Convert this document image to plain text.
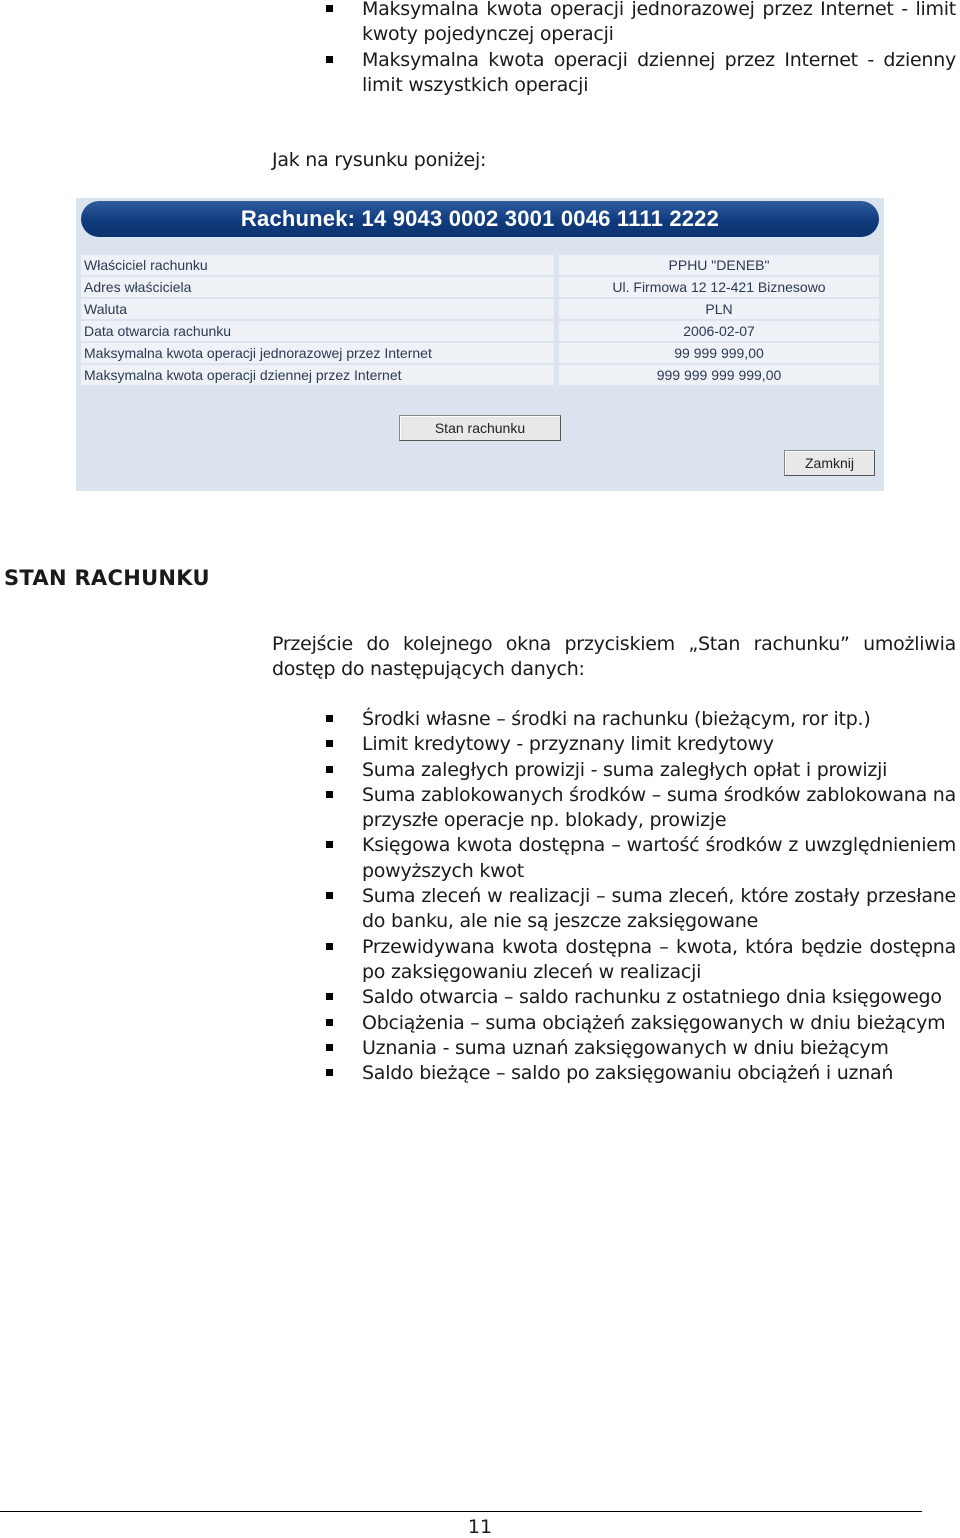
Maksymalna kwota operacji jednorazowej przez Internet - limit kwoty pojedynczej operacji
Maksymalna kwota operacji dziennej przez Internet - dzienny limit wszystkich operacji

Jak na rysunku poniżej:

Rachunek: 14 9043 0002 3001 0046 1111 2222
Właściciel rachunku	PPHU "DENEB"
Adres właściciela	Ul. Firmowa 12 12-421 Biznesowo
Waluta	PLN
Data otwarcia rachunku	2006-02-07
Maksymalna kwota operacji jednorazowej przez Internet	99 999 999,00
Maksymalna kwota operacji dziennej przez Internet	999 999 999 999,00
Stan rachunku
Zamknij
STAN RACHUNKU

Przejście do kolejnego okna przyciskiem „Stan rachunku” umożliwia dostęp do następujących danych:

Środki własne – środki na rachunku (bieżącym, ror itp.)
Limit kredytowy - przyznany limit kredytowy
Suma zaległych prowizji - suma zaległych opłat i prowizji
Suma zablokowanych środków – suma środków zablokowana na przyszłe operacje np. blokady, prowizje
Księgowa kwota dostępna – wartość środków z uwzględnieniem powyższych kwot
Suma zleceń w realizacji – suma zleceń, które zostały przesłane do banku, ale nie są jeszcze zaksięgowane
Przewidywana kwota dostępna – kwota, która będzie dostępna po zaksięgowaniu zleceń w realizacji
Saldo otwarcia – saldo rachunku z ostatniego dnia księgowego
Obciążenia – suma obciążeń zaksięgowanych w dniu bieżącym
Uznania - suma uznań zaksięgowanych w dniu bieżącym
Saldo bieżące – saldo po zaksięgowaniu obciążeń i uznań
11
